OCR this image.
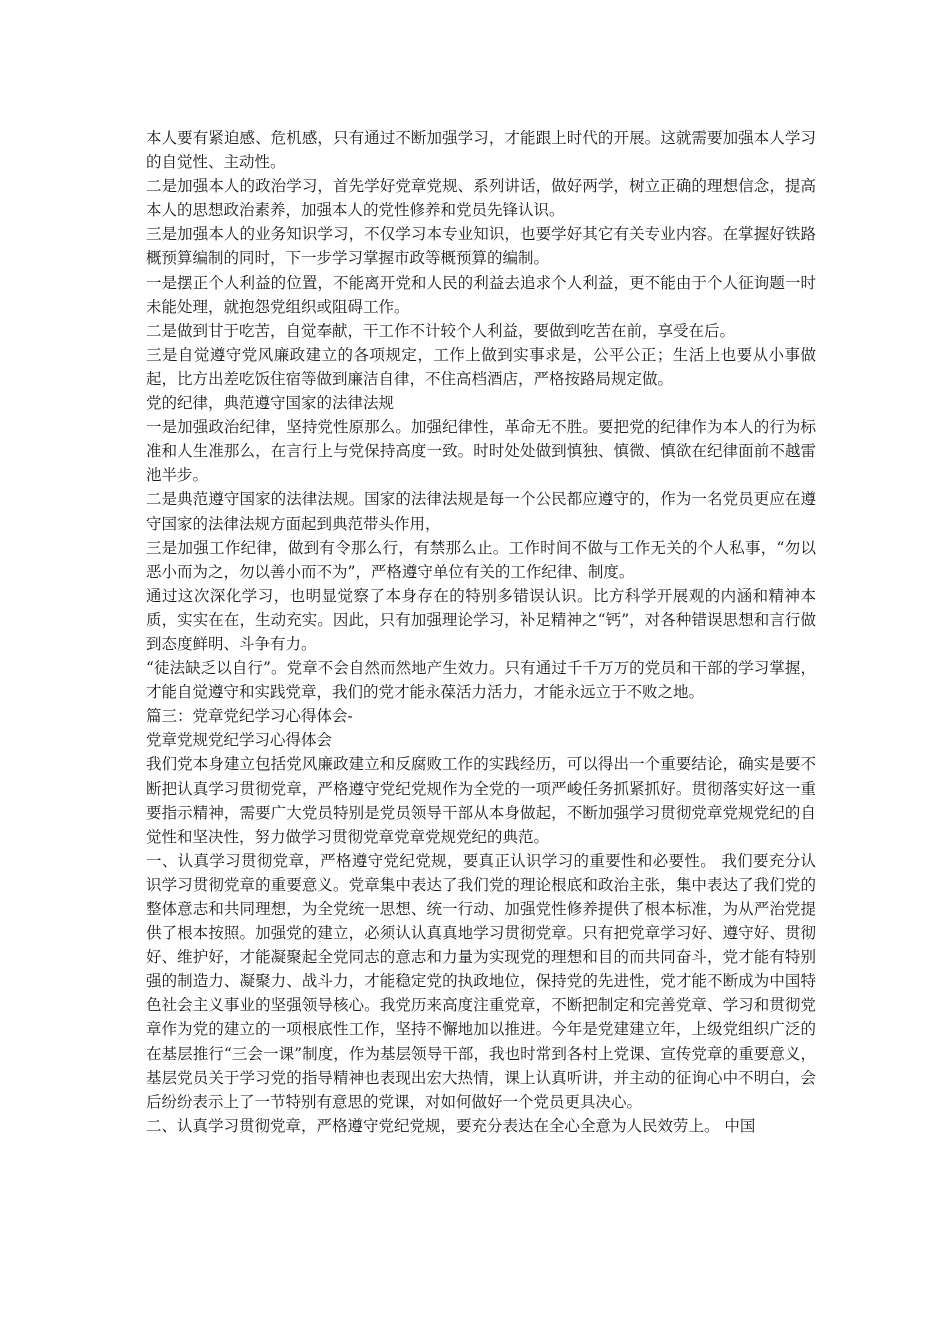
本人要有紧迫感、危机感，只有通过不断加强学习，才能跟上时代的开展。这就需要加强本人学习的自觉性、主动性。

二是加强本人的政治学习，首先学好党章党规、系列讲话，做好两学，树立正确的理想信念，提高本人的思想政治素养，加强本人的党性修养和党员先锋认识。

三是加强本人的业务知识学习，不仅学习本专业知识，也要学好其它有关专业内容。在掌握好铁路概预算编制的同时，下一步学习掌握市政等概预算的编制。

一是摆正个人利益的位置，不能离开党和人民的利益去追求个人利益，更不能由于个人征询题一时未能处理，就抱怨党组织或阻碍工作。

二是做到甘于吃苦，自觉奉献，干工作不计较个人利益，要做到吃苦在前，享受在后。

三是自觉遵守党风廉政建立的各项规定，工作上做到实事求是，公平公正；生活上也要从小事做起，比方出差吃饭住宿等做到廉洁自律，不住高档酒店，严格按路局规定做。

党的纪律，典范遵守国家的法律法规

一是加强政治纪律，坚持党性原那么。加强纪律性，革命无不胜。要把党的纪律作为本人的行为标准和人生准那么，在言行上与党保持高度一致。时时处处做到慎独、慎微、慎欲在纪律面前不越雷池半步。

二是典范遵守国家的法律法规。国家的法律法规是每一个公民都应遵守的，作为一名党员更应在遵守国家的法律法规方面起到典范带头作用，

三是加强工作纪律，做到有令那么行，有禁那么止。工作时间不做与工作无关的个人私事，“勿以恶小而为之，勿以善小而不为”，严格遵守单位有关的工作纪律、制度。

通过这次深化学习，也明显觉察了本身存在的特别多错误认识。比方科学开展观的内涵和精神本质，实实在在，生动充实。因此，只有加强理论学习，补足精神之“钙”，对各种错误思想和言行做到态度鲜明、斗争有力。

“徒法缺乏以自行”。党章不会自然而然地产生效力。只有通过千千万万的党员和干部的学习掌握，才能自觉遵守和实践党章，我们的党才能永葆活力活力，才能永远立于不败之地。

篇三：党章党纪学习心得体会-

党章党规党纪学习心得体会

我们党本身建立包括党风廉政建立和反腐败工作的实践经历，可以得出一个重要结论，确实是要不断把认真学习贯彻党章，严格遵守党纪党规作为全党的一项严峻任务抓紧抓好。贯彻落实好这一重要指示精神，需要广大党员特别是党员领导干部从本身做起，不断加强学习贯彻党章党规党纪的自觉性和坚决性，努力做学习贯彻党章党章党规党纪的典范。

一、认真学习贯彻党章，严格遵守党纪党规，要真正认识学习的重要性和必要性。 我们要充分认识学习贯彻党章的重要意义。党章集中表达了我们党的理论根底和政治主张，集中表达了我们党的整体意志和共同理想，为全党统一思想、统一行动、加强党性修养提供了根本标准，为从严治党提供了根本按照。加强党的建立，必须认认真真地学习贯彻党章。只有把党章学习好、遵守好、贯彻好、维护好，才能凝聚起全党同志的意志和力量为实现党的理想和目的而共同奋斗，党才能有特别强的制造力、凝聚力、战斗力，才能稳定党的执政地位，保持党的先进性，党才能不断成为中国特色社会主义事业的坚强领导核心。我党历来高度注重党章，不断把制定和完善党章、学习和贯彻党章作为党的建立的一项根底性工作，坚持不懈地加以推进。今年是党建建立年，上级党组织广泛的在基层推行“三会一课”制度，作为基层领导干部，我也时常到各村上党课、宣传党章的重要意义，基层党员关于学习党的指导精神也表现出宏大热情，课上认真听讲，并主动的征询心中不明白，会后纷纷表示上了一节特别有意思的党课，对如何做好一个党员更具决心。

二、认真学习贯彻党章，严格遵守党纪党规，要充分表达在全心全意为人民效劳上。 中国
